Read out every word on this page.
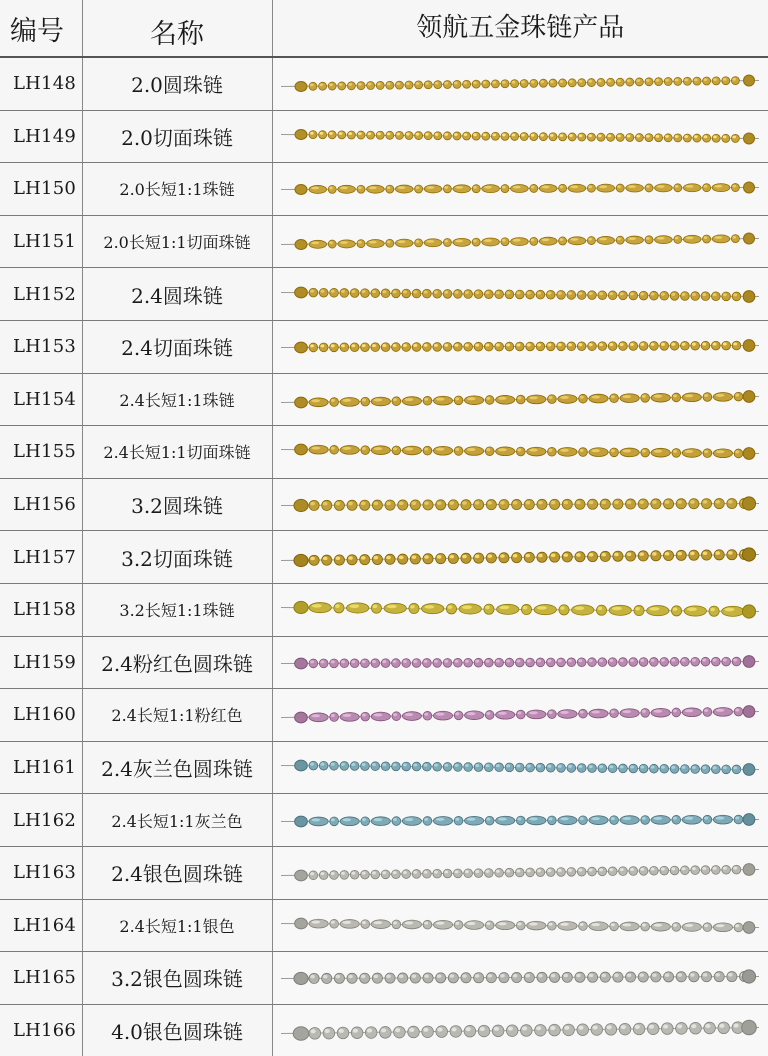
编号	名称	领航五金珠链产品
LH148	2.0圆珠链	

LH149	2.0切面珠链	

LH150	2.0长短1:1珠链	

LH151	2.0长短1:1切面珠链	

LH152	2.4圆珠链	

LH153	2.4切面珠链	

LH154	2.4长短1:1珠链	

LH155	2.4长短1:1切面珠链	

LH156	3.2圆珠链	

LH157	3.2切面珠链	

LH158	3.2长短1:1珠链	

LH159	2.4粉红色圆珠链	

LH160	2.4长短1:1粉红色	

LH161	2.4灰兰色圆珠链	

LH162	2.4长短1:1灰兰色	

LH163	2.4银色圆珠链	

LH164	2.4长短1:1银色	

LH165	3.2银色圆珠链	

LH166	4.0银色圆珠链	
